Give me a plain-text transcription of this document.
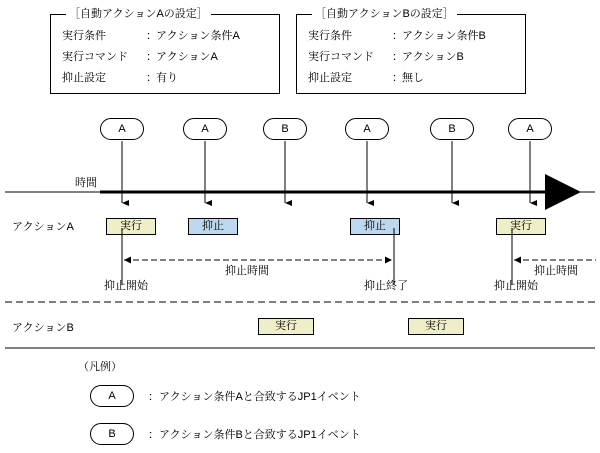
［自動アクションAの設定］
実行条件	：アクション条件A
実行コマンド ：アクションA
抑止設定	：有り
［自動アクションBの設定］
実行条件	：アクション条件B
実行コマンド ：アクションB
抑止設定	：無し
A	A	B	A	B	A
時間
アクションA
アクションB
実行	抑止	抑止	実行
実行	実行
抑止開始
抑止時間
抑止終了	抑止開始
抑止時間
（凡例）
A	：アクション条件Aと合致するJP1イベント
B	：アクション条件Bと合致するJP1イベント
